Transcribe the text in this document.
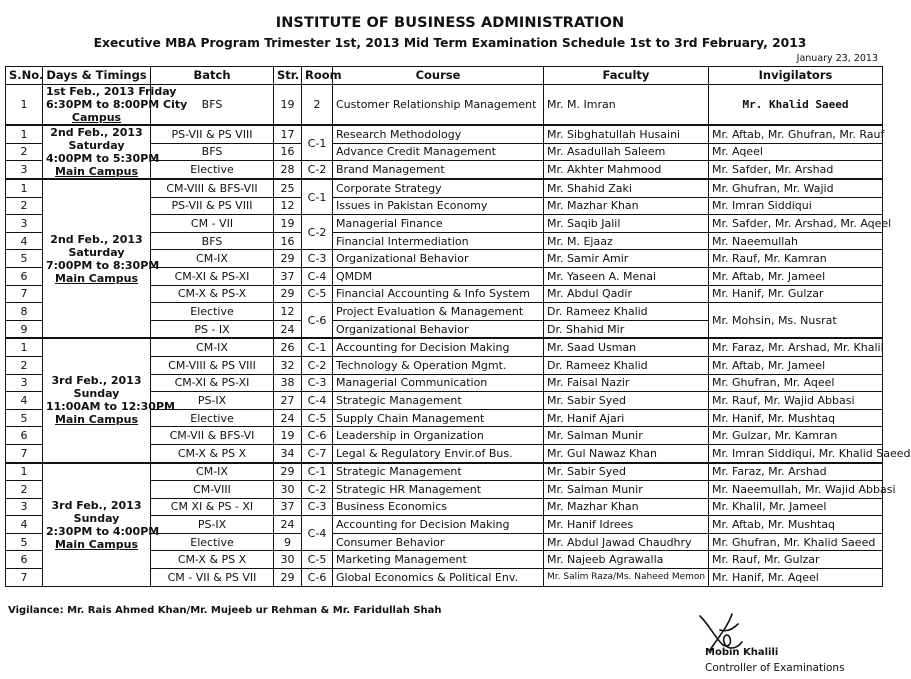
INSTITUTE OF BUSINESS ADMINISTRATION
Executive MBA Program Trimester 1st, 2013 Mid Term Examination Schedule 1st to 3rd February, 2013
January 23, 2013
S.No.	Days & Timings	Batch	Str.	Room	Course	Faculty	Invigilators
1	1st Feb., 2013 Friday
6:30PM to 8:00PM City
Campus	BFS	19	2	Customer Relationship Management	Mr. M. Imran	Mr. Khalid Saeed
1	2nd Feb., 2013
Saturday
4:00PM to 5:30PM
Main Campus	PS-VII & PS VIII	17	C-1	Research Methodology	Mr. Sibghatullah Husaini	Mr. Aftab, Mr. Ghufran, Mr. Rauf
2		BFS	16		Advance Credit Management	Mr. Asadullah Saleem	Mr. Aqeel
3		Elective	28	C-2	Brand Management	Mr. Akhter Mahmood	Mr. Safder, Mr. Arshad
1	2nd Feb., 2013
Saturday
7:00PM to 8:30PM
Main Campus	CM-VIII & BFS-VII	25	C-1	Corporate Strategy	Mr. Shahid Zaki	Mr. Ghufran, Mr. Wajid
2		PS-VII & PS VIII	12		Issues in Pakistan Economy	Mr. Mazhar Khan	Mr. Imran Siddiqui
3		CM - VII	19	C-2	Managerial Finance	Mr. Saqib Jalil	Mr. Safder, Mr. Arshad, Mr. Aqeel
4		BFS	16		Financial Intermediation	Mr. M. Ejaaz	Mr. Naeemullah
5		CM-IX	29	C-3	Organizational Behavior	Mr. Samir Amir	Mr. Rauf, Mr. Kamran
6		CM-XI & PS-XI	37	C-4	QMDM	Mr. Yaseen A. Menai	Mr. Aftab, Mr. Jameel
7		CM-X & PS-X	29	C-5	Financial Accounting & Info System	Mr. Abdul Qadir	Mr. Hanif, Mr. Gulzar
8		Elective	12	C-6	Project Evaluation & Management	Dr. Rameez Khalid	Mr. Mohsin, Ms. Nusrat
9		PS - IX	24		Organizational Behavior	Dr. Shahid Mir	
1	3rd Feb., 2013
Sunday
11:00AM to 12:30PM
Main Campus	CM-IX	26	C-1	Accounting for Decision Making	Mr. Saad Usman	Mr. Faraz, Mr. Arshad, Mr. Khalil
2		CM-VIII & PS VIII	32	C-2	Technology & Operation Mgmt.	Dr. Rameez Khalid	Mr. Aftab, Mr. Jameel
3		CM-XI & PS-XI	38	C-3	Managerial Communication	Mr. Faisal Nazir	Mr. Ghufran, Mr. Aqeel
4		PS-IX	27	C-4	Strategic Management	Mr. Sabir Syed	Mr. Rauf, Mr. Wajid Abbasi
5		Elective	24	C-5	Supply Chain Management	Mr. Hanif Ajari	Mr. Hanif, Mr. Mushtaq
6		CM-VII & BFS-VI	19	C-6	Leadership in Organization	Mr. Salman Munir	Mr. Gulzar, Mr. Kamran
7		CM-X & PS X	34	C-7	Legal & Regulatory Envir.of Bus.	Mr. Gul Nawaz Khan	Mr. Imran Siddiqui, Mr. Khalid Saeed
1	3rd Feb., 2013
Sunday
2:30PM to 4:00PM
Main Campus	CM-IX	29	C-1	Strategic Management	Mr. Sabir Syed	Mr. Faraz, Mr. Arshad
2		CM-VIII	30	C-2	Strategic HR Management	Mr. Salman Munir	Mr. Naeemullah, Mr. Wajid Abbasi
3		CM XI & PS - XI	37	C-3	Business Economics	Mr. Mazhar Khan	Mr. Khalil, Mr. Jameel
4		PS-IX	24	C-4	Accounting for Decision Making	Mr. Hanif Idrees	Mr. Aftab, Mr. Mushtaq
5		Elective	9		Consumer Behavior	Mr. Abdul Jawad Chaudhry	Mr. Ghufran, Mr. Khalid Saeed
6		CM-X & PS X	30	C-5	Marketing Management	Mr. Najeeb Agrawalla	Mr. Rauf, Mr. Gulzar
7		CM - VII & PS VII	29	C-6	Global Economics & Political Env.	Mr. Salim Raza/Ms. Naheed Memon	Mr. Hanif, Mr. Aqeel
Vigilance: Mr. Rais Ahmed Khan/Mr. Mujeeb ur Rehman & Mr. Faridullah Shah
Mobin Khalili
Controller of Examinations
